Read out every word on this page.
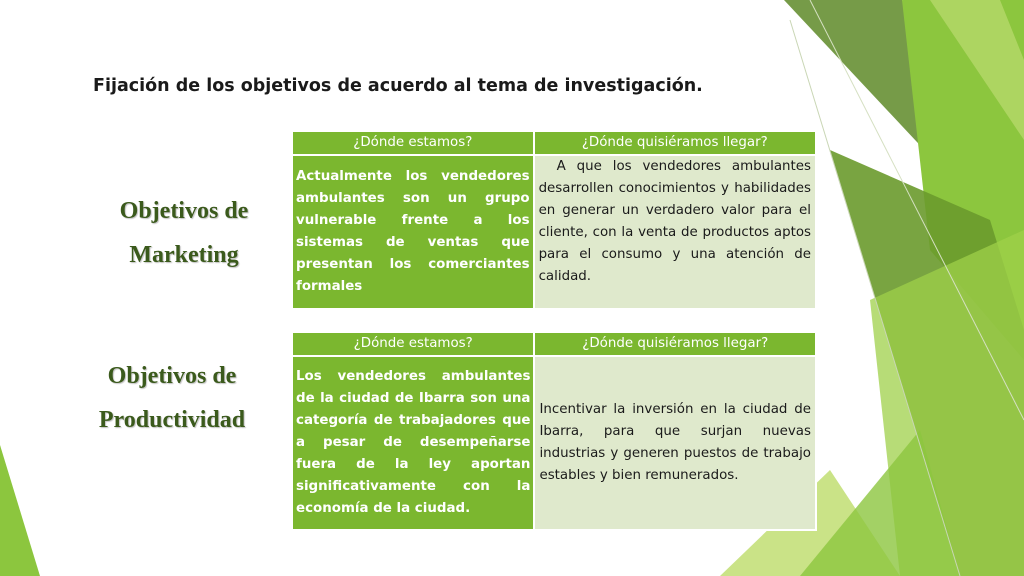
Fijación de los objetivos de acuerdo al tema de investigación.
Objetivos de
Marketing
¿Dónde estamos?	¿Dónde quisiéramos llegar?
Actualmente los vendedores ambulantes son un grupo vulnerable frente a los sistemas de ventas que presentan los comerciantes formales	A que los vendedores ambulantes desarrollen conocimientos y habilidades en generar un verdadero valor para el cliente, con la venta de productos aptos para el consumo y una atención de calidad.
Objetivos de
Productividad
¿Dónde estamos?	¿Dónde quisiéramos llegar?
Los vendedores ambulantes de la ciudad de Ibarra son una categoría de trabajadores que a pesar de desempeñarse fuera de la ley aportan significativamente con la economía de la ciudad.	Incentivar la inversión en la ciudad de Ibarra, para que surjan nuevas industrias y generen puestos de trabajo estables y bien remunerados.
